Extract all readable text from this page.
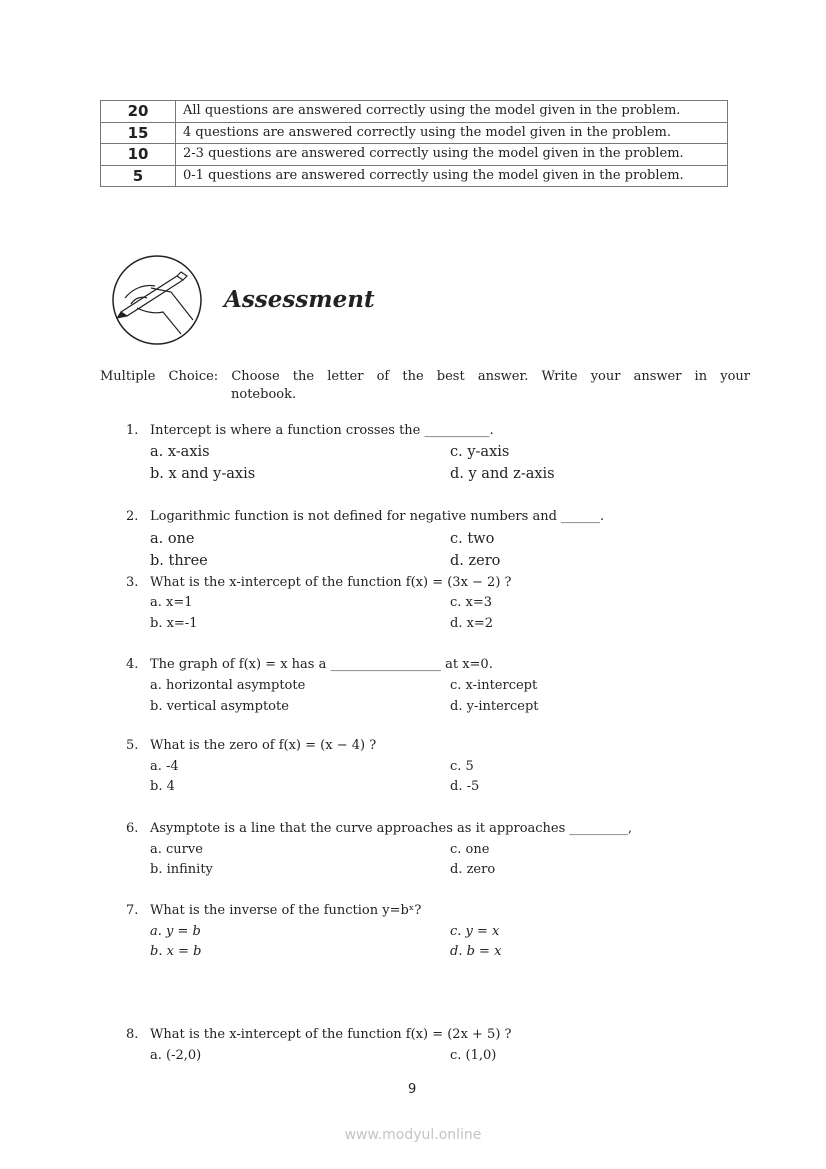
20	All questions are answered correctly using the model given in the problem.
15	4 questions are answered correctly using the model given in the problem.
10	2-3 questions are answered correctly using the model given in the problem.
5	0-1 questions are answered correctly using the model given in the problem.
Assessment
Multiple Choice: Choose the letter of the best answer. Write your answer in your
notebook.
1. Intercept is where a function crosses the __________.
a. x-axis	c. y-axis
b. x and y-axis	d. y and z-axis
2. Logarithmic function is not defined for negative numbers and ______.
a. one	c. two
b. three	d. zero
3. What is the x-intercept of the function f(x) = (3x − 2) ?
a. x=1	c. x=3
b. x=-1	d. x=2
4. The graph of f(x) = x has a _________________ at x=0.
a. horizontal asymptote	c. x-intercept
b. vertical asymptote	d. y-intercept
5. What is the zero of f(x) = (x − 4) ?
a. -4	c. 5
b. 4	d. -5
6. Asymptote is a line that the curve approaches as it approaches _________,
a. curve	c. one
b. infinity	d. zero
7. What is the inverse of the function y=bˣ?
a. y = b	c. y = x
b. x = b	d. b = x
8. What is the x-intercept of the function f(x) = (2x + 5) ?
a. (-2,0)	c. (1,0)
9
www.modyul.online
